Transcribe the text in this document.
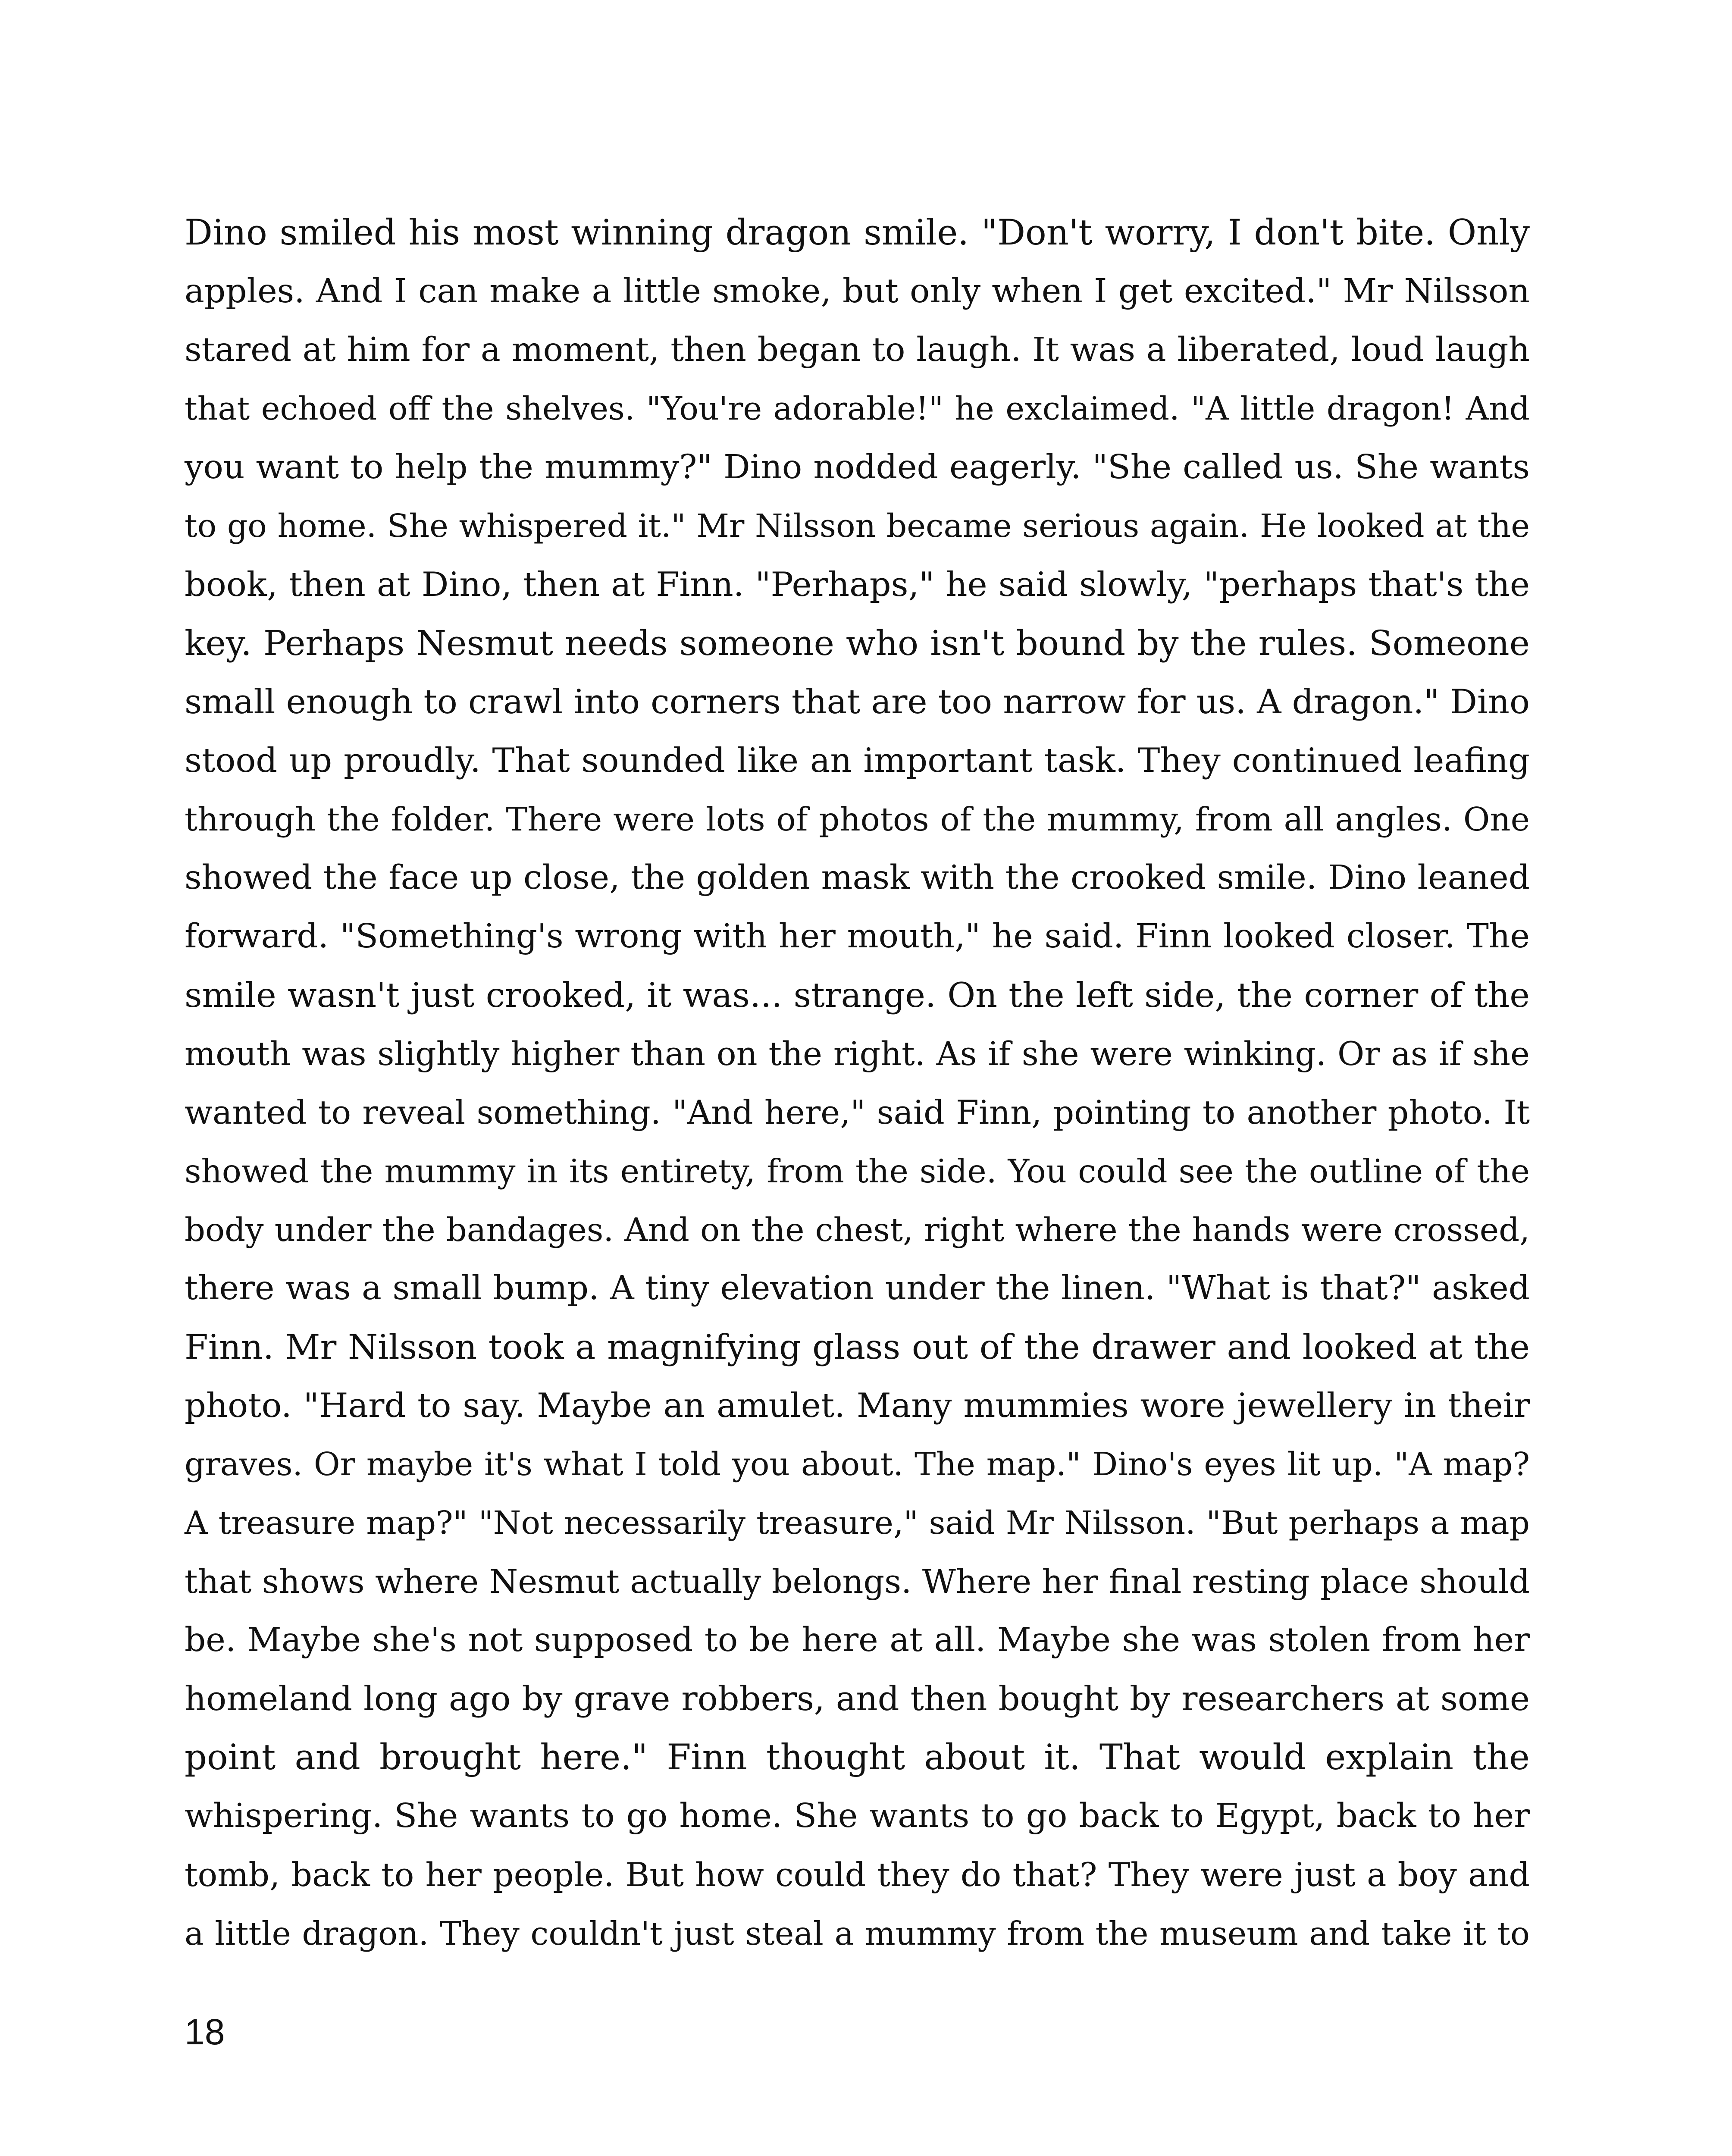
Dino smiled his most winning dragon smile. "Don't worry, I don't bite. Only
apples. And I can make a little smoke, but only when I get excited." Mr Nilsson
stared at him for a moment, then began to laugh. It was a liberated, loud laugh
that echoed off the shelves. "You're adorable!" he exclaimed. "A little dragon! And
you want to help the mummy?" Dino nodded eagerly. "She called us. She wants
to go home. She whispered it." Mr Nilsson became serious again. He looked at the
book, then at Dino, then at Finn. "Perhaps," he said slowly, "perhaps that's the
key. Perhaps Nesmut needs someone who isn't bound by the rules. Someone
small enough to crawl into corners that are too narrow for us. A dragon." Dino
stood up proudly. That sounded like an important task. They continued leafing
through the folder. There were lots of photos of the mummy, from all angles. One
showed the face up close, the golden mask with the crooked smile. Dino leaned
forward. "Something's wrong with her mouth," he said. Finn looked closer. The
smile wasn't just crooked, it was... strange. On the left side, the corner of the
mouth was slightly higher than on the right. As if she were winking. Or as if she
wanted to reveal something. "And here," said Finn, pointing to another photo. It
showed the mummy in its entirety, from the side. You could see the outline of the
body under the bandages. And on the chest, right where the hands were crossed,
there was a small bump. A tiny elevation under the linen. "What is that?" asked
Finn. Mr Nilsson took a magnifying glass out of the drawer and looked at the
photo. "Hard to say. Maybe an amulet. Many mummies wore jewellery in their
graves. Or maybe it's what I told you about. The map." Dino's eyes lit up. "A map?
A treasure map?" "Not necessarily treasure," said Mr Nilsson. "But perhaps a map
that shows where Nesmut actually belongs. Where her final resting place should
be. Maybe she's not supposed to be here at all. Maybe she was stolen from her
homeland long ago by grave robbers, and then bought by researchers at some
point and brought here." Finn thought about it. That would explain the
whispering. She wants to go home. She wants to go back to Egypt, back to her
tomb, back to her people. But how could they do that? They were just a boy and
a little dragon. They couldn't just steal a mummy from the museum and take it to
18
